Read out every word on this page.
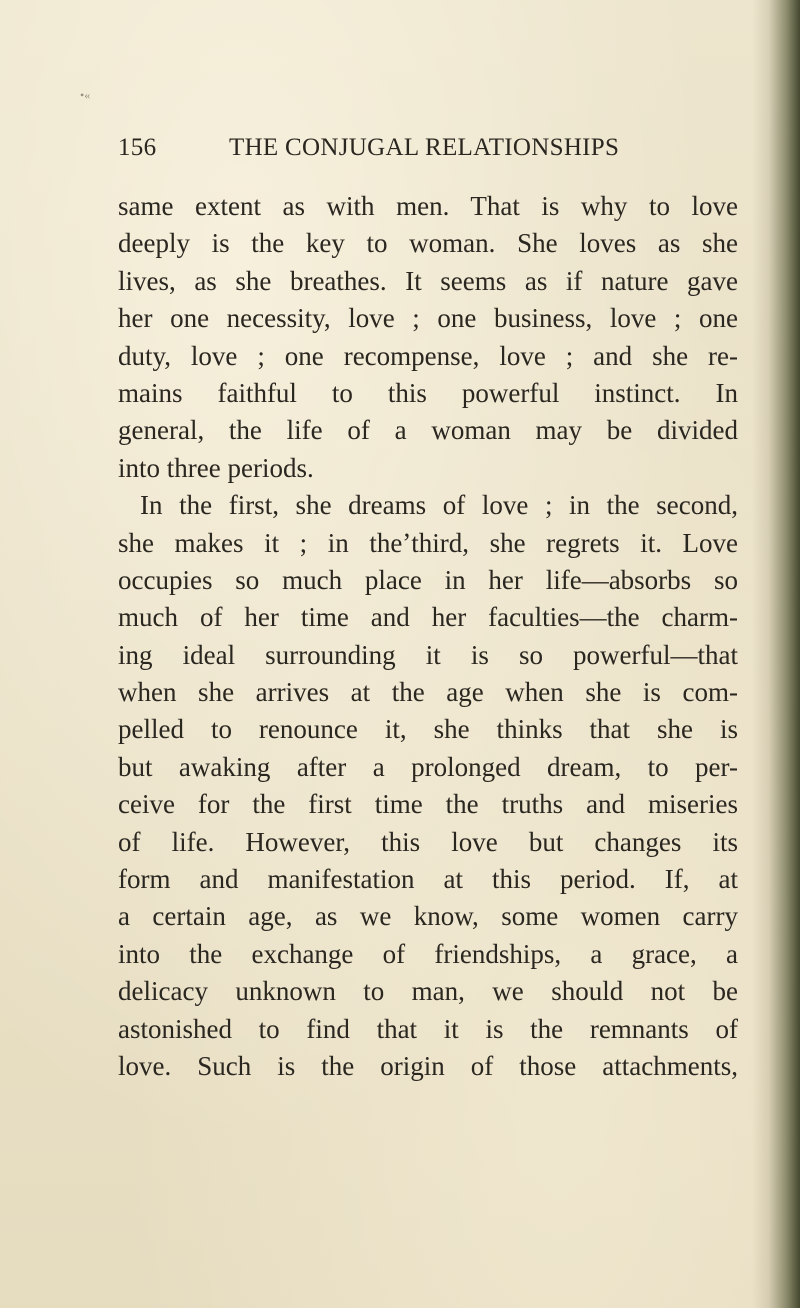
•«
156	THE CONJUGAL RELATIONSHIPS
same extent as with men. That is why to love
deeply is the key to woman. She loves as she
lives, as she breathes. It seems as if nature gave
her one necessity, love ; one business, love ; one
duty, love ; one recompense, love ; and she re-
mains faithful to this powerful instinct. In
general, the life of a woman may be divided
into three periods.
In the first, she dreams of love ; in the second,
she makes it ; in theʼthird, she regrets it. Love
occupies so much place in her life—absorbs so
much of her time and her faculties—the charm-
ing ideal surrounding it is so powerful—that
when she arrives at the age when she is com-
pelled to renounce it, she thinks that she is
but awaking after a prolonged dream, to per-
ceive for the first time the truths and miseries
of life. However, this love but changes its
form and manifestation at this period. If, at
a certain age, as we know, some women carry
into the exchange of friendships, a grace, a
delicacy unknown to man, we should not be
astonished to find that it is the remnants of
love. Such is the origin of those attachments,
